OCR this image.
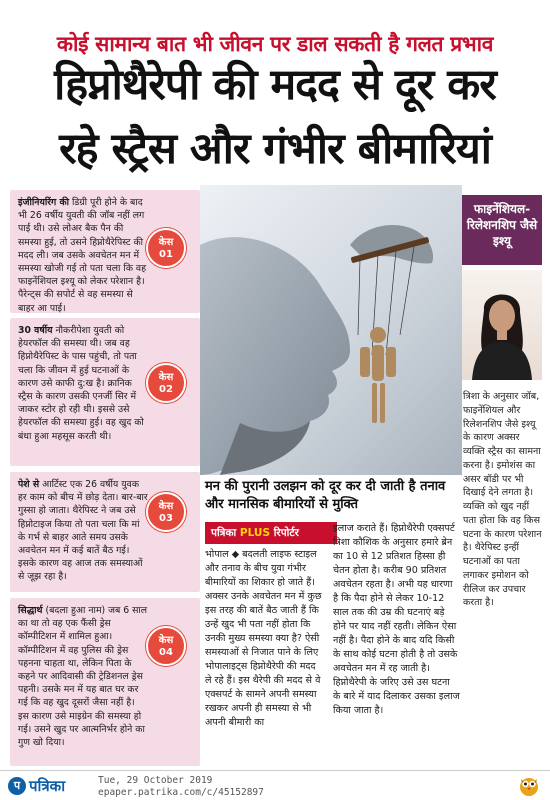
कोई सामान्य बात भी जीवन पर डाल सकती है गलत प्रभाव
हिप्नोथैरेपी की मदद से दूर कर
रहे स्ट्रैस और गंभीर बीमारियां

इंजीनियरिंग की डिग्री पूरी होने के बाद भी 26 वर्षीय युवती की जॉब नहीं लग पाई थी। उसे लोअर बैक पैन की समस्या हुई, तो उसने हिप्नोथैरेपिस्ट की मदद ली। जब उसके अवचेतन मन में समस्या खोजी गई तो पता चला कि वह फाइनेंशियल इश्यू को लेकर परेशान है। पैरेन्ट्स की सपोर्ट से वह समस्या से बाहर आ पाई।

केस
01

30 वर्षीय नौकरीपेशा युवती को हेयरफॉल की समस्या थी। जब वह हिप्नोथैरेपिस्ट के पास पहुंची, तो पता चला कि जीवन में हुई घटनाओं के कारण उसे काफी दु:ख है। क्रानिक स्ट्रैस के कारण उसकी एनर्जी सिर में जाकर स्टोर हो रही थी। इससे उसे हेयरफॉल की समस्या हुई। वह खुद को बंधा हुआ महसूस करती थी।

केस
02

पेशे से आर्टिस्ट एक 26 वर्षीय युवक हर काम को बीच में छोड़ देता। बार-बार गुस्सा हो जाता। थैरेपिस्ट ने जब उसे हिप्नोटाइज किया तो पता चला कि मां के गर्भ से बाहर आते समय उसके अवचेतन मन में कई बातें बैठ गई। इसके कारण वह आज तक समस्याओं से जूझ रहा है।

केस
03

सिद्धार्थ (बदला हुआ नाम) जब 6 साल का था तो वह एक फैंसी ड्रेस कॉम्पीटिशन में शामिल हुआ। कॉम्पीटिशन में वह पुलिस की ड्रेस पहनना चाहता था, लेकिन पिता के कहने पर आदिवासी की ट्रेडिशनल ड्रेस पहनी। उसके मन में यह बात घर कर गई कि वह खुद दूसरों जैसा नहीं है। इस कारण उसे माइग्रेन की समस्या हो गई। उसने खुद पर आत्मनिर्भर होने का गुण खो दिया।

केस
04
फाइनेंशियल-रिलेशनशिप जैसे इश्यू
त्रिशा के अनुसार जॉब, फाइनेंशियल और रिलेशनशिप जैसे इश्यू के कारण अक्सर व्यक्ति स्ट्रैस का सामना करना है। इमोशंस का असर बॉडी पर भी दिखाई देने लगता है। व्यक्ति को खुद नहीं पता होता कि वह किस घटना के कारण परेशान है। थैरेपिस्ट इन्हीं घटनाओं का पता लगाकर इमोशन को रीलिज कर उपचार करता है।
मन की पुरानी उलझन को दूर कर दी जाती है तनाव और मानसिक बीमारियों से मुक्ति
पत्रिका PLUS रिपोर्टर
भोपाल ◆ बदलती लाइफ स्टाइल और तनाव के बीच युवा गंभीर बीमारियों का शिकार हो जाते हैं। अक्सर उनके अवचेतन मन में कुछ इस तरह की बातें बैठ जाती हैं कि उन्हें खुद भी पता नहीं होता कि उनकी मुख्य समस्या क्या है? ऐसी समस्याओं से निजात पाने के लिए भोपालाइट्स हिप्नोथैरेपी की मदद ले रहे हैं। इस थैरेपी की मदद से वे एक्सपर्ट के सामने अपनी समस्या रखकर अपनी ही समस्या से भी अपनी बीमारी का
इलाज कराते हैं। हिप्नोथैरेपी एक्सपर्ट त्रिशा कौशिक के अनुसार हमारे ब्रेन का 10 से 12 प्रतिशत हिस्सा ही चेतन होता है। करीब 90 प्रतिशत अवचेतन रहता है। अभी यह धारणा है कि पैदा होने से लेकर 10-12 साल तक की उम्र की घटनाएं बड़े होने पर याद नहीं रहती। लेकिन ऐसा नहीं है। पैदा होने के बाद यदि किसी के साथ कोई घटना होती है तो उसके अवचेतन मन में रह जाती है। हिप्नोथैरेपी के जरिए उसे उस घटना के बारे में याद दिलाकर उसका इलाज किया जाता है।
प पत्रिका	Tue, 29 October 2019
epaper.patrika.com/c/45152897
